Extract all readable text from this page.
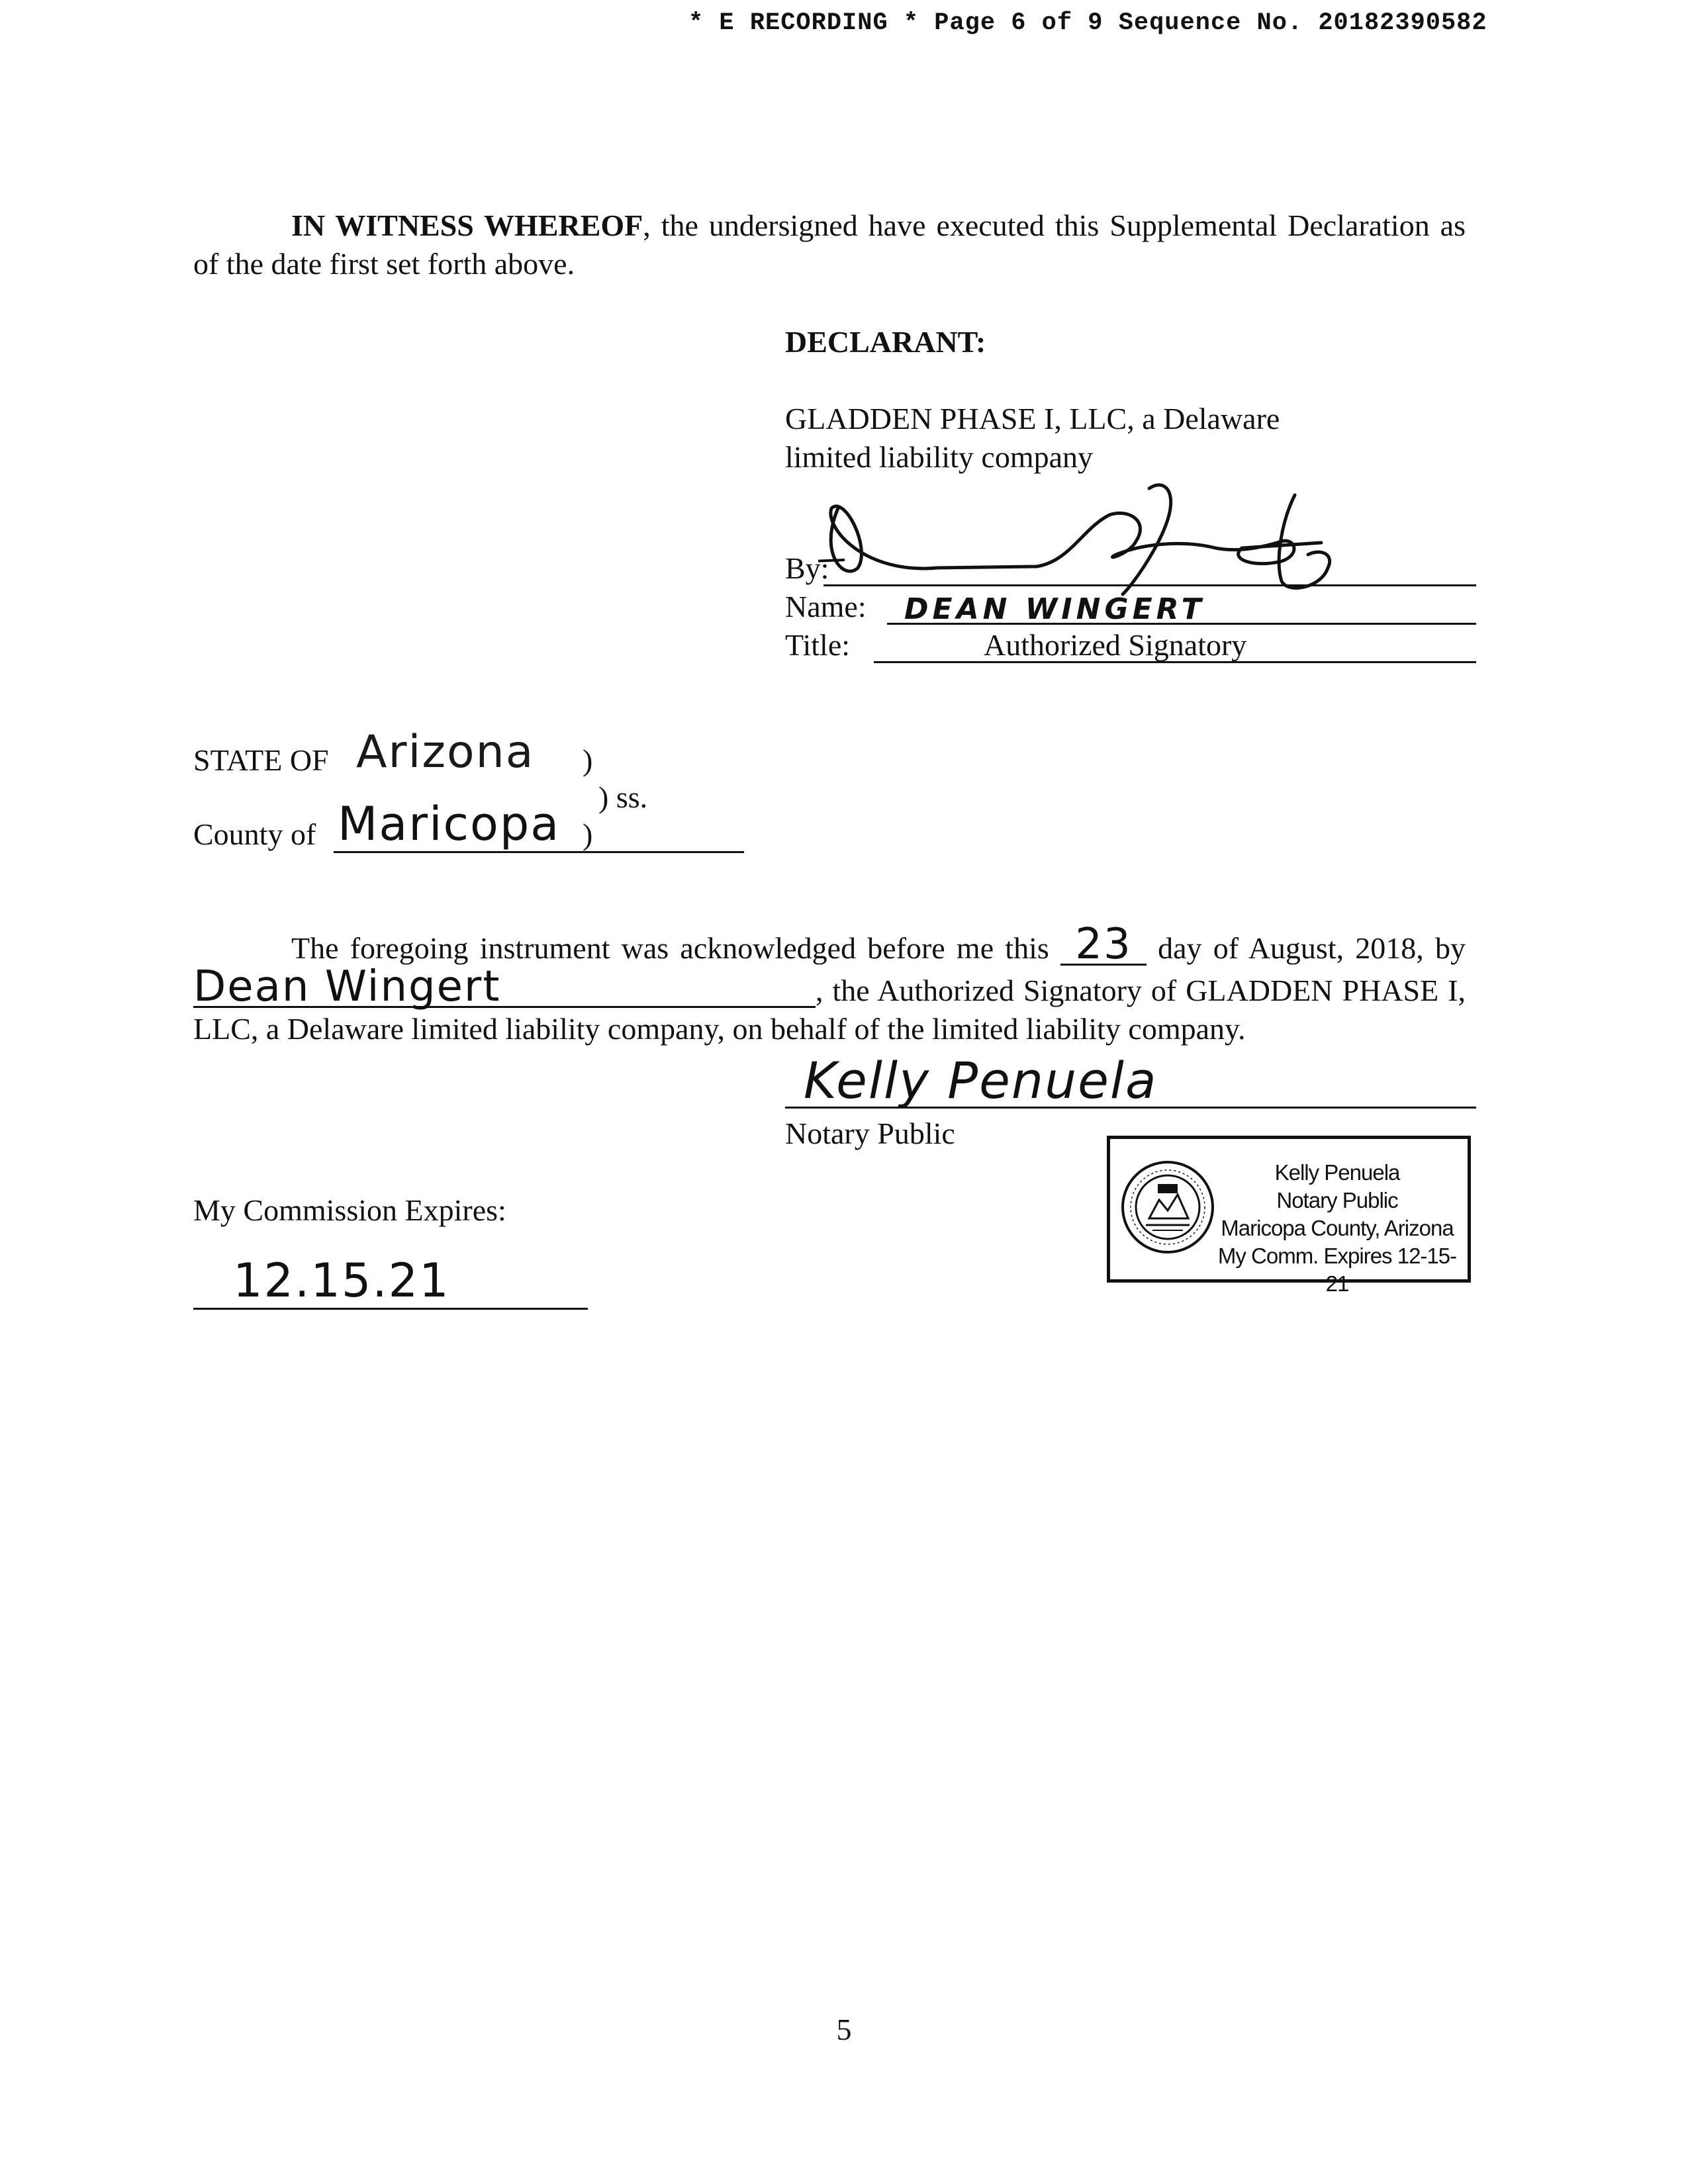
* E RECORDING * Page 6 of 9 Sequence No. 20182390582
IN WITNESS WHEREOF, the undersigned have executed this Supplemental Declaration as of the date first set forth above.
DECLARANT:
GLADDEN PHASE I, LLC, a Delaware
limited liability company
By:
Name: DEAN WINGERT
Title:	Authorized Signatory
STATE OF Arizona
County of Maricopa
)
) ss.
)
The foregoing instrument was acknowledged before me this 23 day of August, 2018, by Dean Wingert	, the Authorized Signatory of GLADDEN PHASE I, LLC, a Delaware limited liability company, on behalf of the limited liability company.
Kelly Penuela
Notary Public
My Commission Expires:
12.15.21
Kelly Penuela
Notary Public
Maricopa County, Arizona
My Comm. Expires 12-15-21
5
